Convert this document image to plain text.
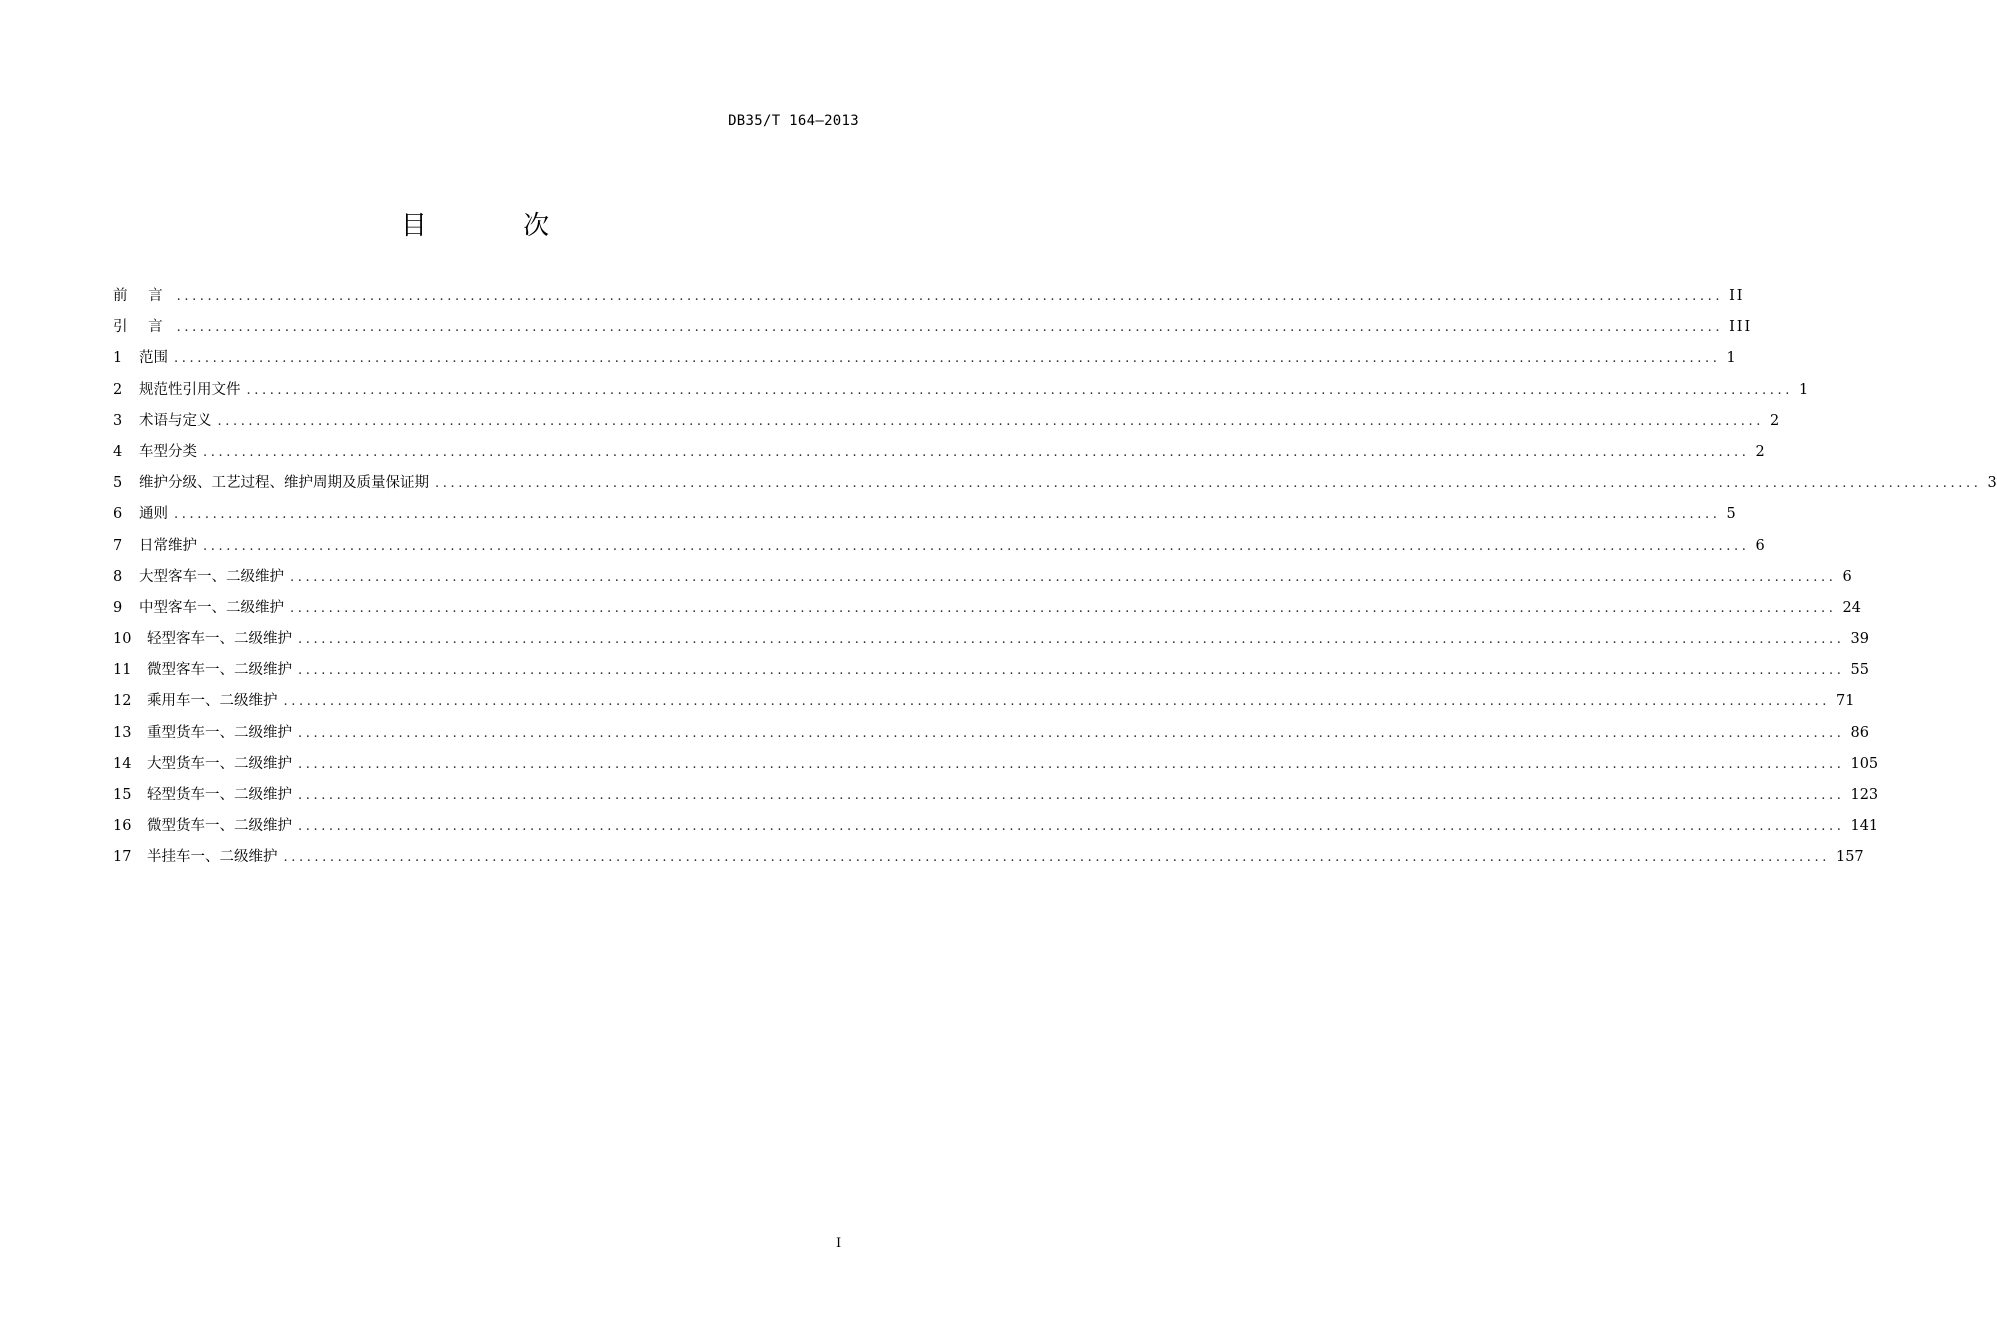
DB35/T 164—2013
目 次
前 言 ........................................................................................................................................................................................................ II
引 言 ........................................................................................................................................................................................................ III
1	范围 ........................................................................................................................................................................................................ 1
2	规范性引用文件 ........................................................................................................................................................................................................ 1
3	术语与定义 ........................................................................................................................................................................................................ 2
4	车型分类 ........................................................................................................................................................................................................ 2
5	维护分级、工艺过程、维护周期及质量保证期 ........................................................................................................................................................................................................ 3
6	通则 ........................................................................................................................................................................................................ 5
7	日常维护 ........................................................................................................................................................................................................ 6
8	大型客车一、二级维护 ........................................................................................................................................................................................................ 6
9	中型客车一、二级维护 ........................................................................................................................................................................................................ 24
10	轻型客车一、二级维护 ........................................................................................................................................................................................................ 39
11	微型客车一、二级维护 ........................................................................................................................................................................................................ 55
12	乘用车一、二级维护 ........................................................................................................................................................................................................ 71
13	重型货车一、二级维护 ........................................................................................................................................................................................................ 86
14	大型货车一、二级维护 ........................................................................................................................................................................................................ 105
15	轻型货车一、二级维护 ........................................................................................................................................................................................................ 123
16	微型货车一、二级维护 ........................................................................................................................................................................................................ 141
17	半挂车一、二级维护 ........................................................................................................................................................................................................ 157
I
